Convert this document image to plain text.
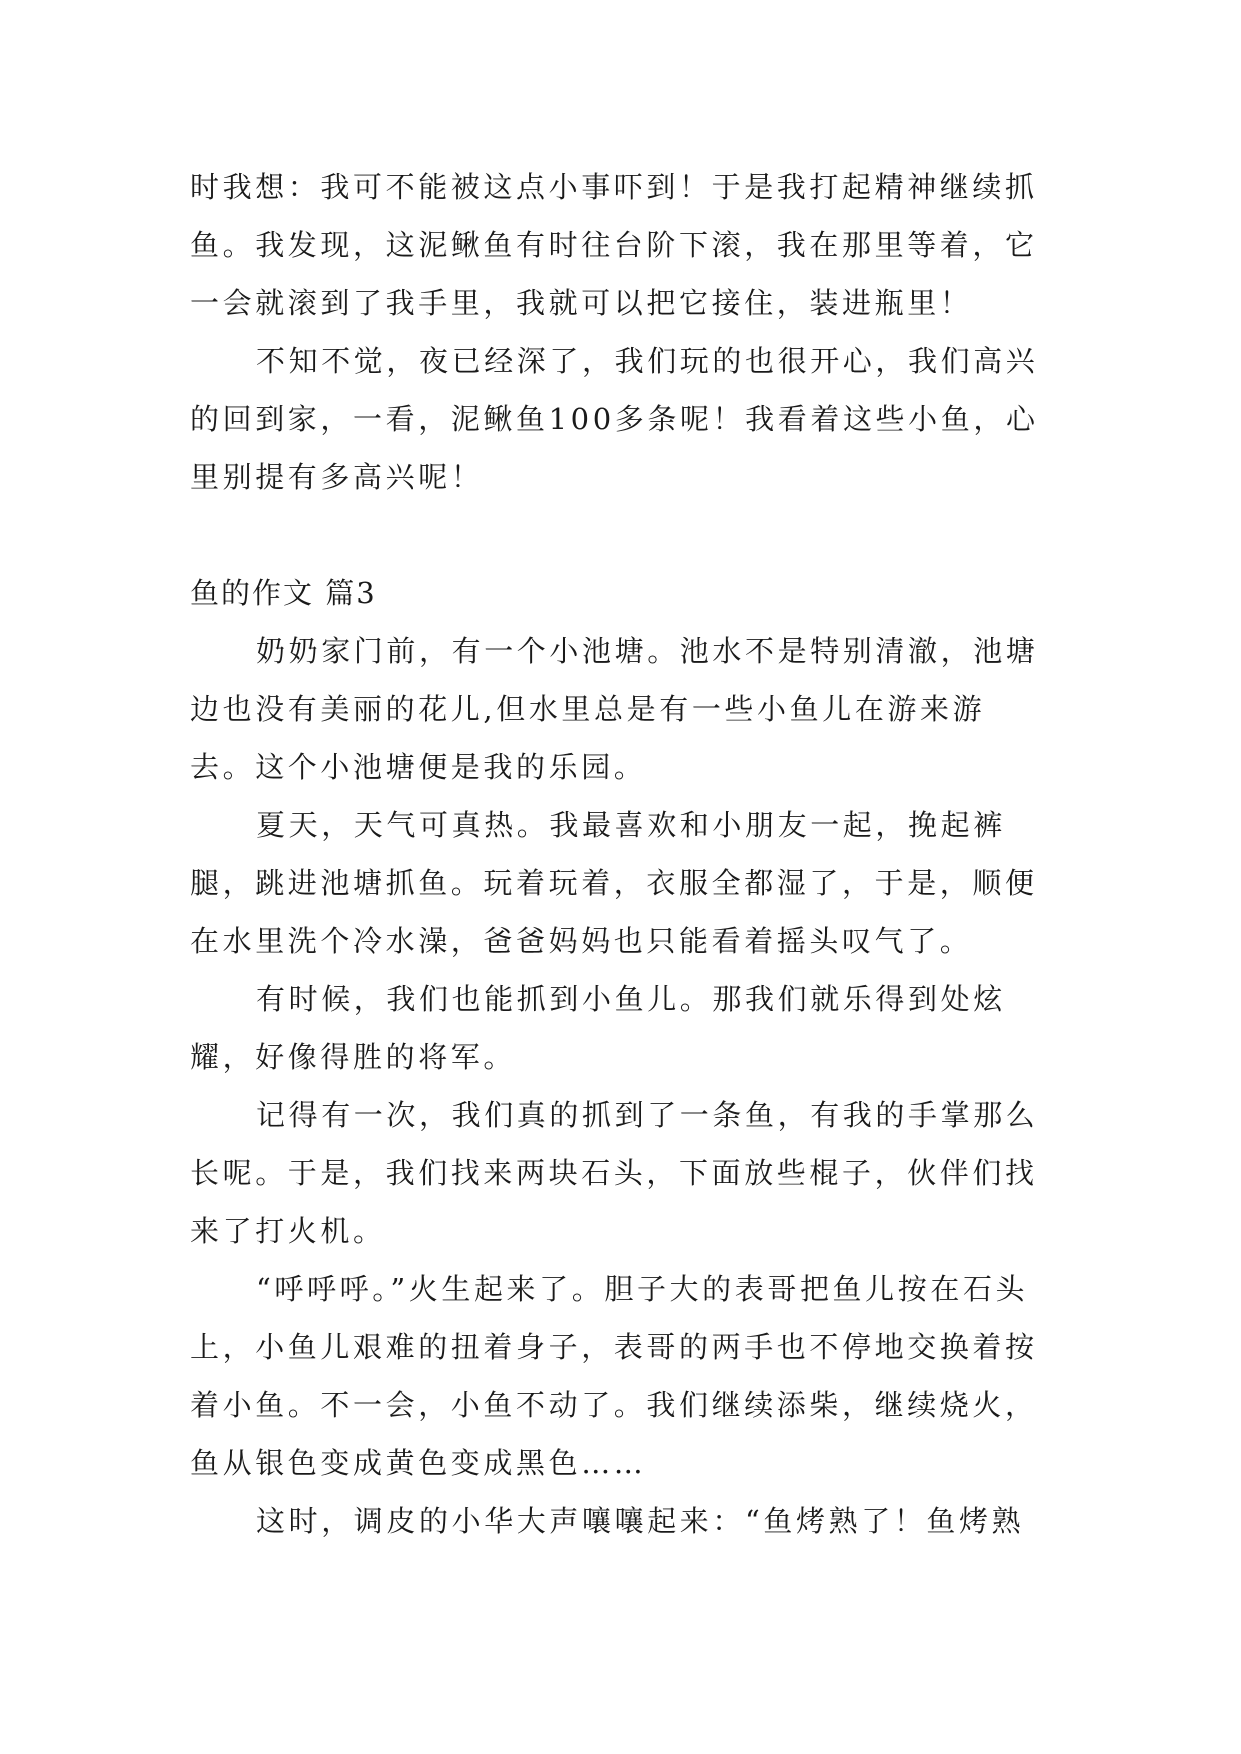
时我想：我可不能被这点小事吓到！于是我打起精神继续抓鱼。我发现，这泥鳅鱼有时往台阶下滚，我在那里等着，它一会就滚到了我手里，我就可以把它接住，装进瓶里！

不知不觉，夜已经深了，我们玩的也很开心，我们高兴的回到家，一看，泥鳅鱼100多条呢！我看着这些小鱼，心里别提有多高兴呢！

鱼的作文 篇3

奶奶家门前，有一个小池塘。池水不是特别清澈，池塘边也没有美丽的花儿,但水里总是有一些小鱼儿在游来游去。这个小池塘便是我的乐园。

夏天，天气可真热。我最喜欢和小朋友一起，挽起裤腿，跳进池塘抓鱼。玩着玩着，衣服全都湿了，于是，顺便在水里洗个冷水澡，爸爸妈妈也只能看着摇头叹气了。

有时候，我们也能抓到小鱼儿。那我们就乐得到处炫耀，好像得胜的将军。

记得有一次，我们真的抓到了一条鱼，有我的手掌那么长呢。于是，我们找来两块石头，下面放些棍子，伙伴们找来了打火机。

“呼呼呼。”火生起来了。胆子大的表哥把鱼儿按在石头上，小鱼儿艰难的扭着身子，表哥的两手也不停地交换着按着小鱼。不一会，小鱼不动了。我们继续添柴，继续烧火，鱼从银色变成黄色变成黑色……

这时，调皮的小华大声嚷嚷起来：“鱼烤熟了！鱼烤熟
